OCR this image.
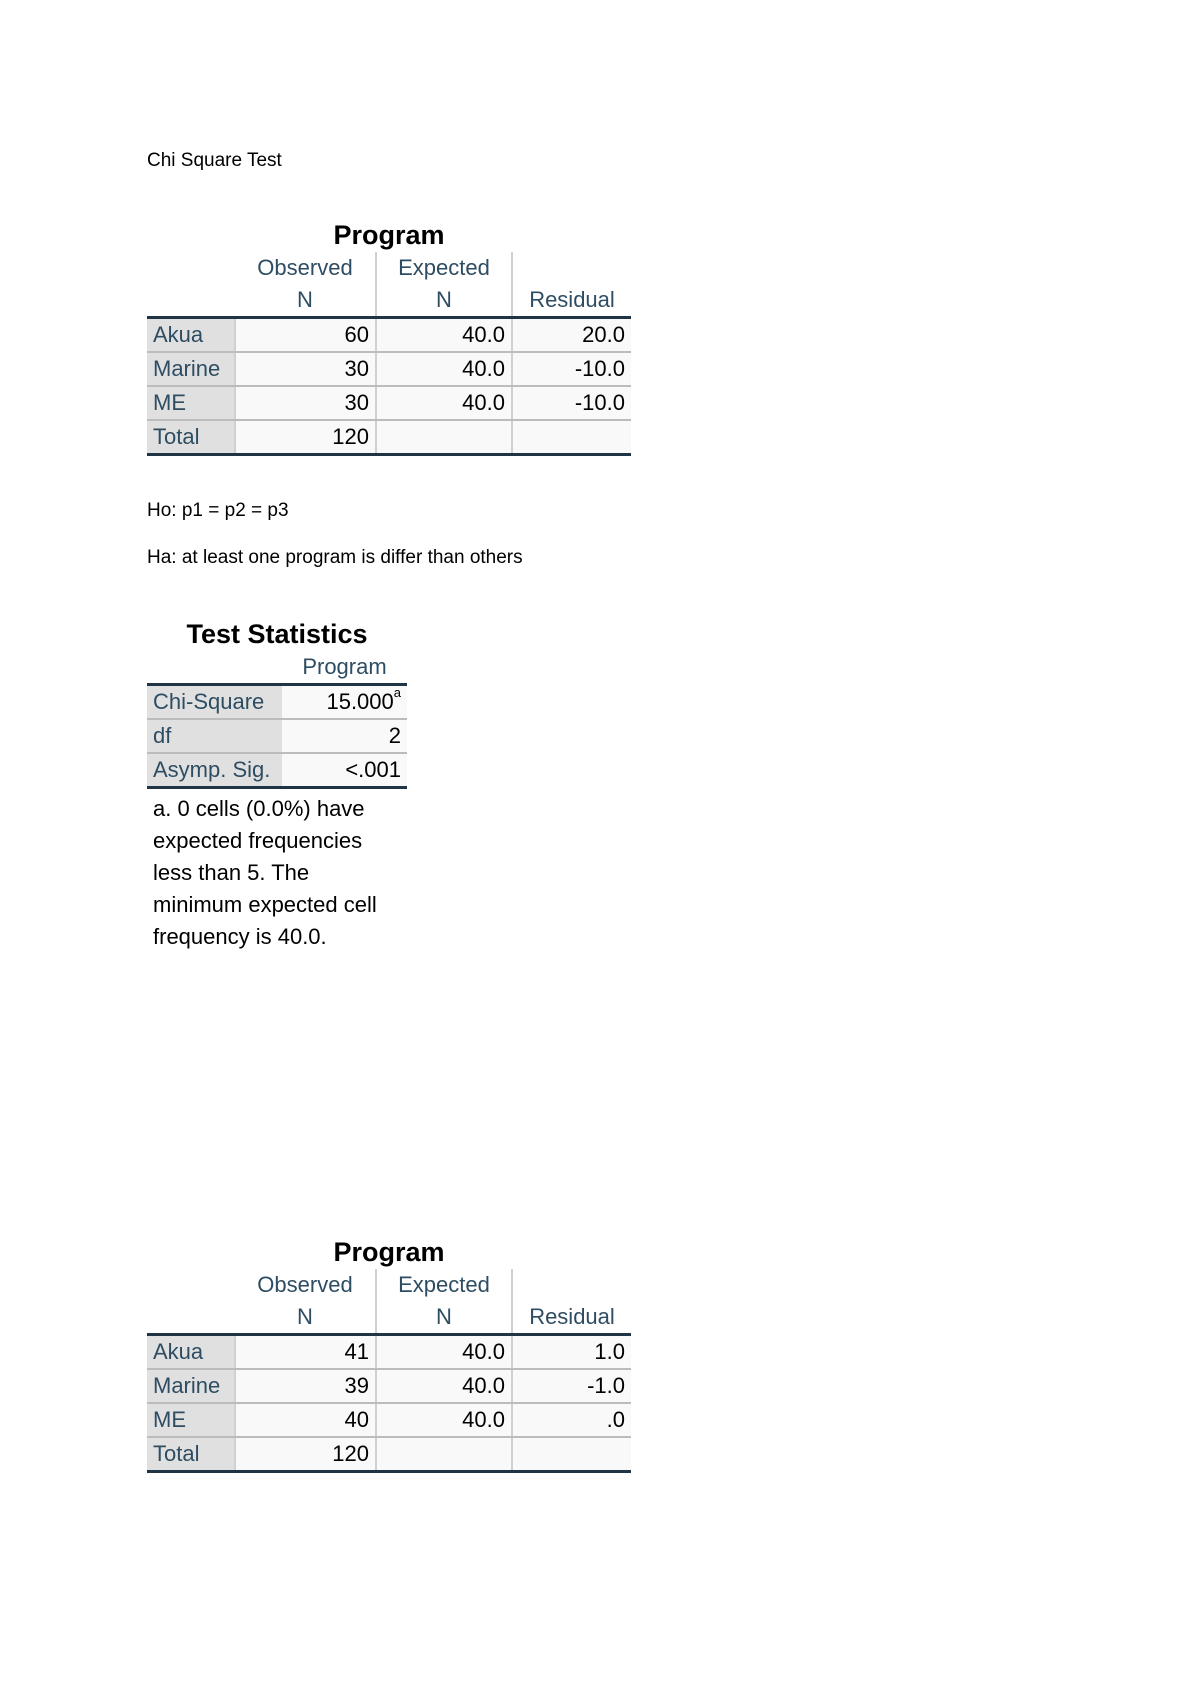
Chi Square Test
Program
	Observed	Expected	
	N	N	Residual
Akua	60	40.0	20.0
Marine	30	40.0	-10.0
ME	30	40.0	-10.0
Total	120		
Ho: p1 = p2 = p3
Ha: at least one program is differ than others
Test Statistics
	Program
Chi-Square	15.000$^a$
df	2
Asymp. Sig.	<.001
a. 0 cells (0.0%) have expected frequencies less than 5. The minimum expected cell frequency is 40.0.
Program
	Observed	Expected	
	N	N	Residual
Akua	41	40.0	1.0
Marine	39	40.0	-1.0
ME	40	40.0	.0
Total	120		
